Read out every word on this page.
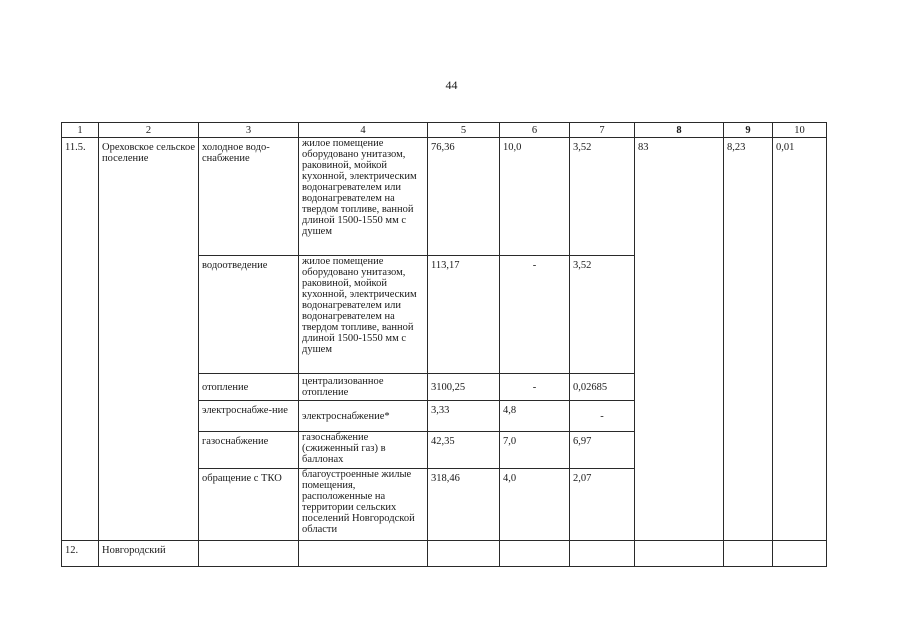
44
1	2	3	4	5	6	7	8	9	10
11.5.	Ореховское сельское поселение	холодное водо-снабжение	жилое помещение оборудовано унитазом, раковиной, мойкой кухонной, электрическим водонагревателем или водонагревателем на твердом топливе, ванной длиной 1500-1550 мм с душем	76,36	10,0	3,52	83	8,23	0,01
		водоотведение	жилое помещение оборудовано унитазом, раковиной, мойкой кухонной, электрическим водонагревателем или водонагревателем на твердом топливе, ванной длиной 1500-1550 мм с душем	113,17	-	3,52			
		отопление	централизованное отопление	3100,25	-	0,02685			
		электроснабже-ние	электроснабжение*	3,33	4,8	-			
		газоснабжение	газоснабжение (сжиженный газ) в баллонах	42,35	7,0	6,97			
		обращение с ТКО	благоустроенные жилые помещения, расположенные на территории сельских поселений Новгородской области	318,46	4,0	2,07			
12.	Новгородский								
